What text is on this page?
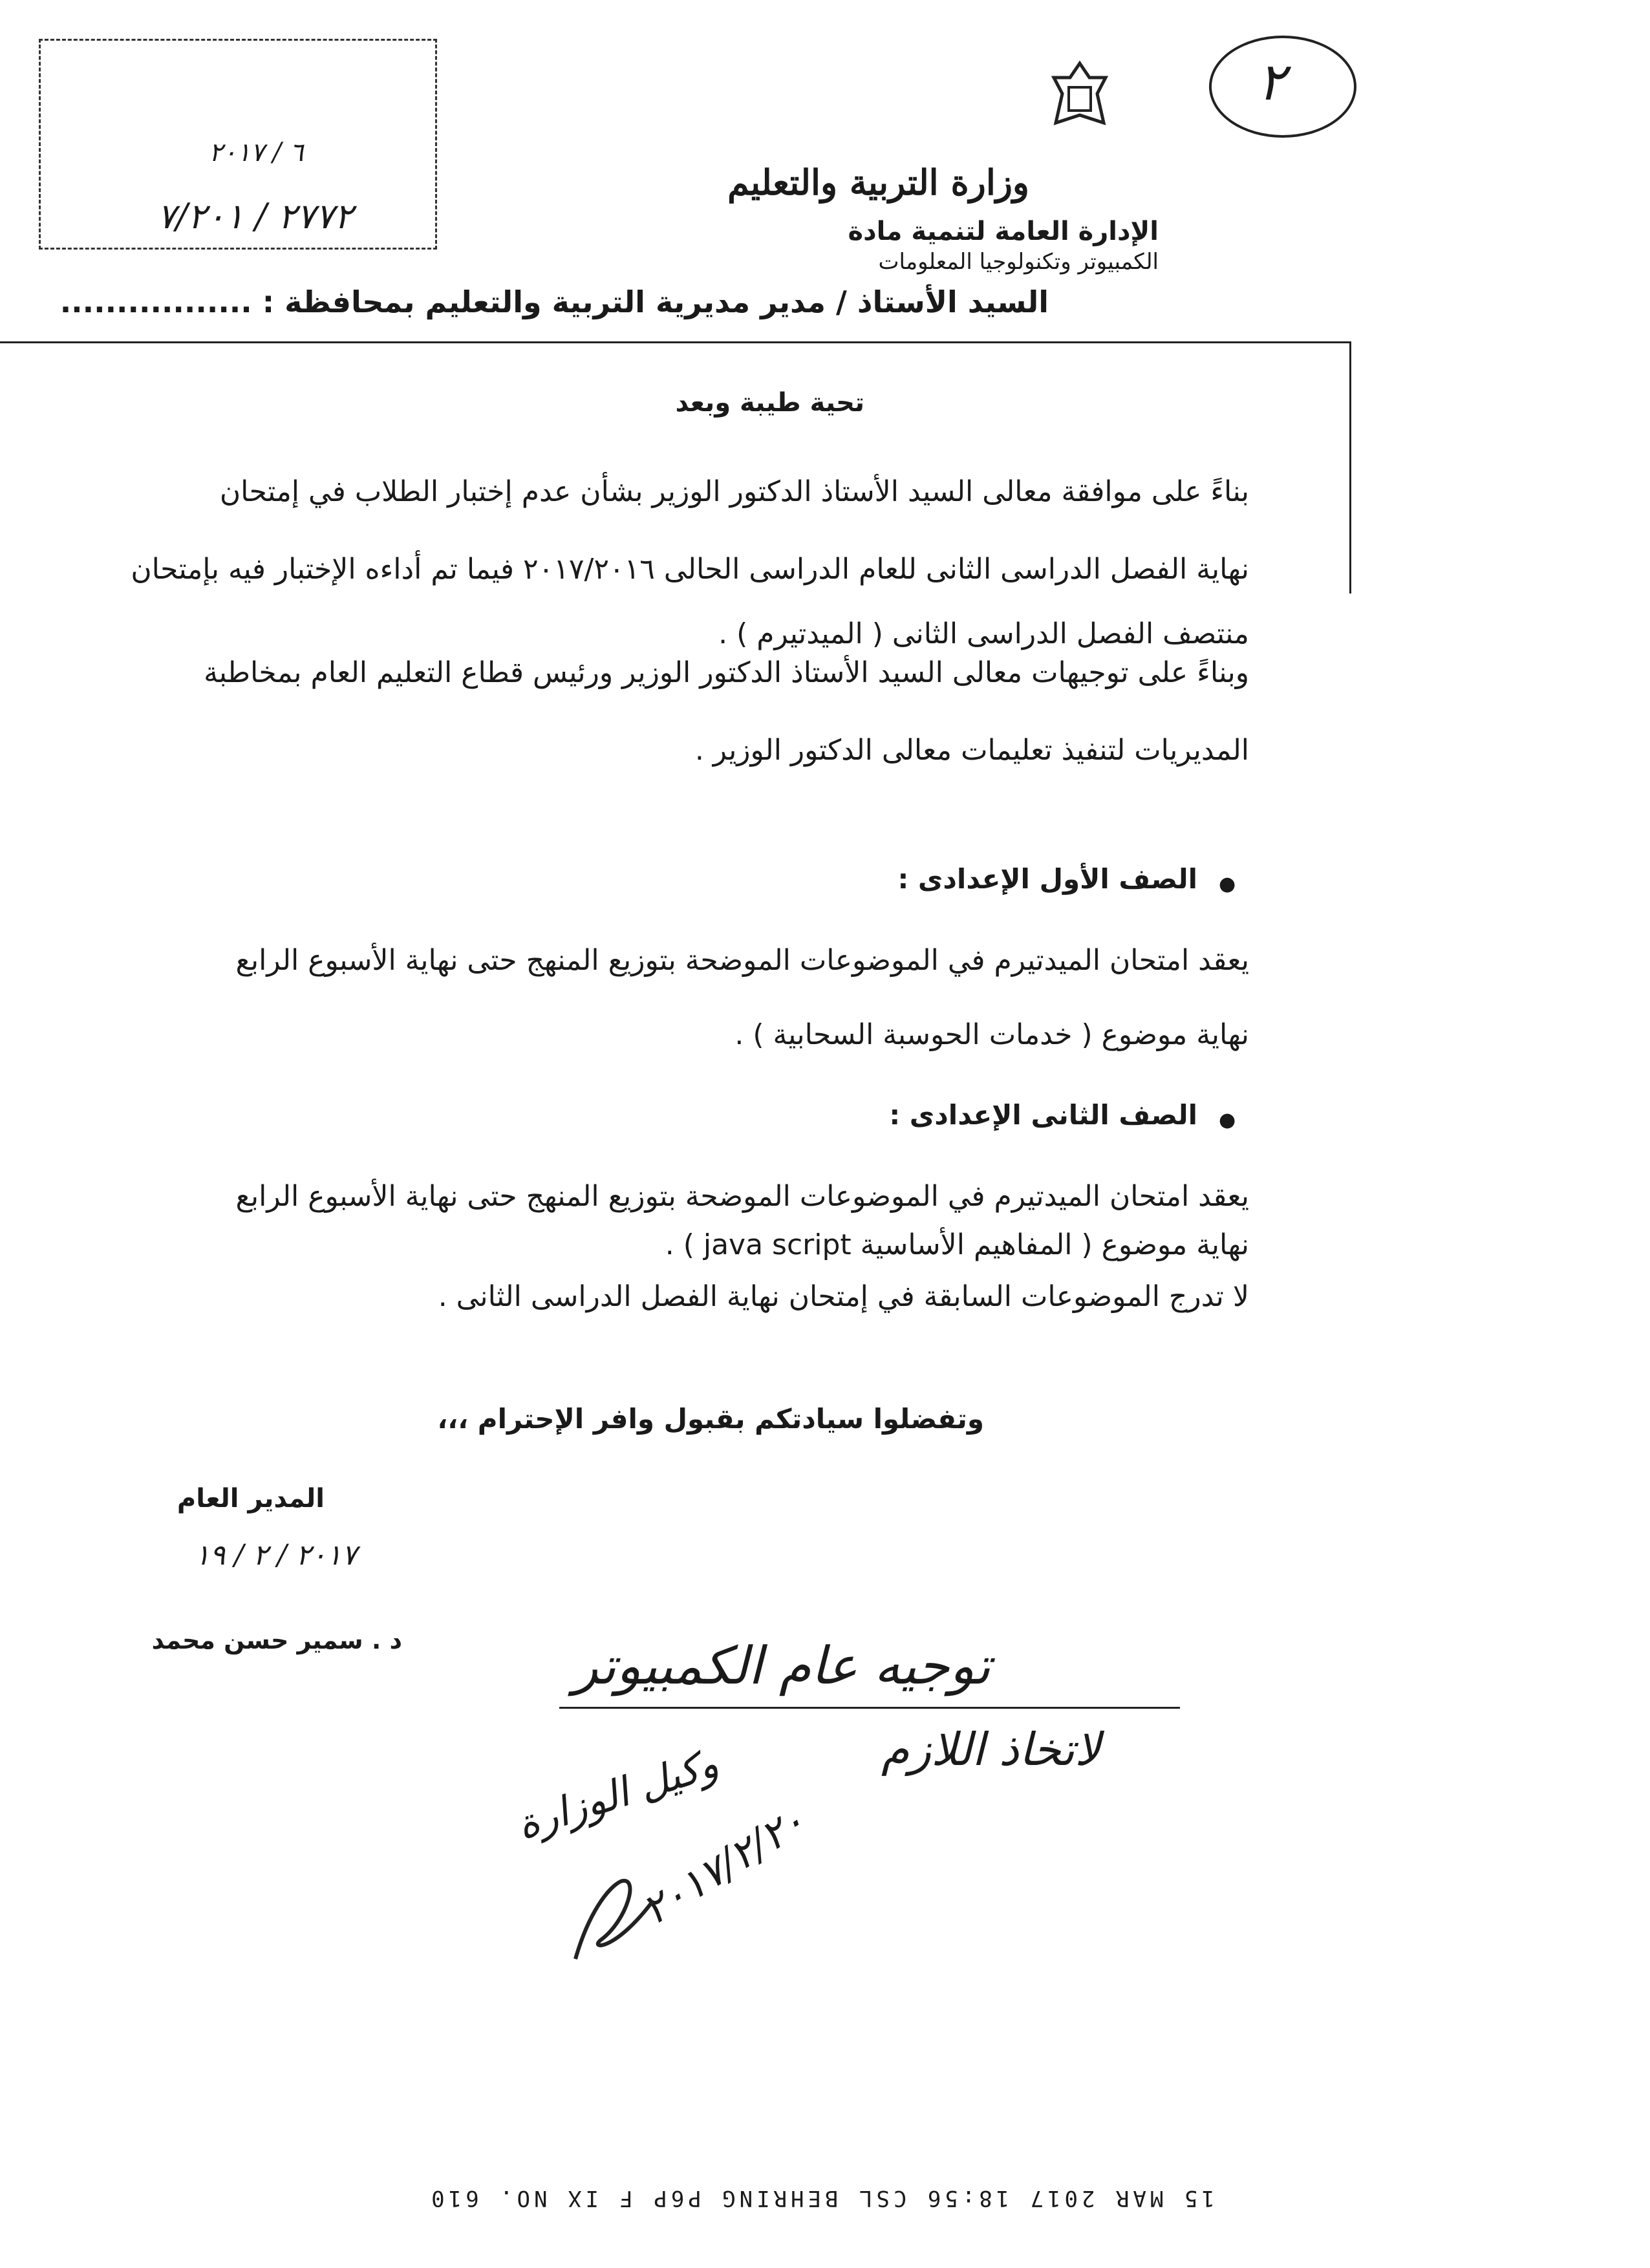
٦ / ٢٠١٧
٢٧٧٢ / ٧/٢٠١
وزارة التربية والتعليم
الإدارة العامة لتنمية مادة
الكمبيوتر وتكنولوجيا المعلومات
٢
السيد الأستاذ / مدير مديرية التربية والتعليم بمحافظة : .................
تحية طيبة وبعد
بناءً على موافقة معالى السيد الأستاذ الدكتور الوزير بشأن عدم إختبار الطلاب في إمتحان
نهاية الفصل الدراسى الثانى للعام الدراسى الحالى ٢٠١٧/٢٠١٦ فيما تم أداءه الإختبار فيه بإمتحان
منتصف الفصل الدراسى الثانى ( الميدتيرم ) .
وبناءً على توجيهات معالى السيد الأستاذ الدكتور الوزير ورئيس قطاع التعليم العام بمخاطبة
المديريات لتنفيذ تعليمات معالى الدكتور الوزير .
●
الصف الأول الإعدادى :
يعقد امتحان الميدتيرم في الموضوعات الموضحة بتوزيع المنهج حتى نهاية الأسبوع الرابع
نهاية موضوع ( خدمات الحوسبة السحابية ) .
●
الصف الثانى الإعدادى :
يعقد امتحان الميدتيرم في الموضوعات الموضحة بتوزيع المنهج حتى نهاية الأسبوع الرابع
نهاية موضوع ( المفاهيم الأساسية java script ) .
لا تدرج الموضوعات السابقة في إمتحان نهاية الفصل الدراسى الثانى .
وتفضلوا سيادتكم بقبول وافر الإحترام ،،،
المدير العام
٢٠١٧ / ٢ / ١٩
د . سمير حسن محمد	توجيه عام الكمبيوتر
لاتخاذ اللازم
وكيل الوزارة
٢٠١٧/٢/٢٠
15 MAR 2017 18:56 CSL BEHRING P6P F IX NO. 610
